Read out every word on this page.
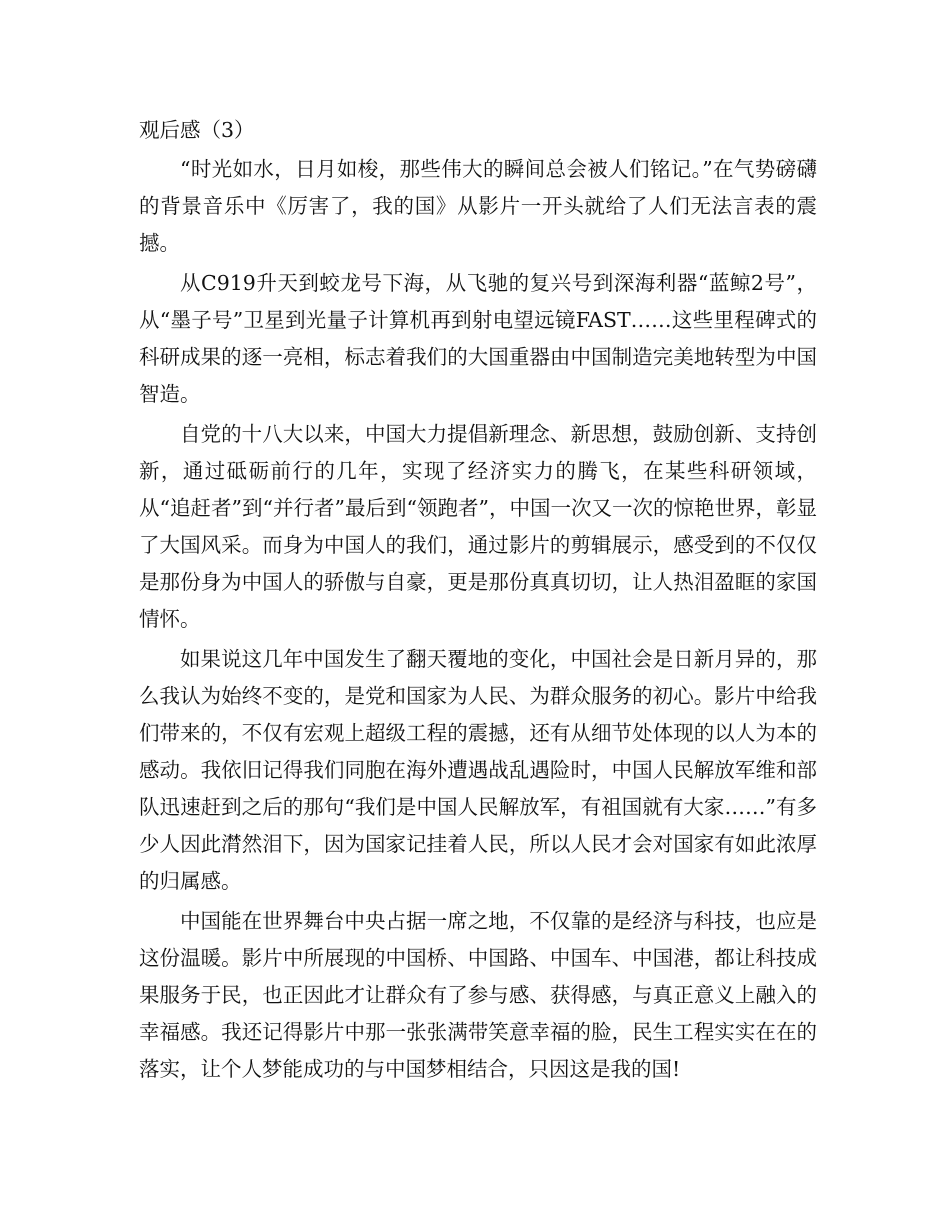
观后感（3）

“时光如水，日月如梭，那些伟大的瞬间总会被人们铭记。”在气势磅礴的背景音乐中《厉害了，我的国》从影片一开头就给了人们无法言表的震撼。

从C919升天到蛟龙号下海，从飞驰的复兴号到深海利器“蓝鲸2号”，从“墨子号”卫星到光量子计算机再到射电望远镜FAST……这些里程碑式的科研成果的逐一亮相，标志着我们的大国重器由中国制造完美地转型为中国智造。

自党的十八大以来，中国大力提倡新理念、新思想，鼓励创新、支持创新，通过砥砺前行的几年，实现了经济实力的腾飞，在某些科研领域，从“追赶者”到“并行者”最后到“领跑者”，中国一次又一次的惊艳世界，彰显了大国风采。而身为中国人的我们，通过影片的剪辑展示，感受到的不仅仅是那份身为中国人的骄傲与自豪，更是那份真真切切，让人热泪盈眶的家国情怀。

如果说这几年中国发生了翻天覆地的变化，中国社会是日新月异的，那么我认为始终不变的，是党和国家为人民、为群众服务的初心。影片中给我们带来的，不仅有宏观上超级工程的震撼，还有从细节处体现的以人为本的感动。我依旧记得我们同胞在海外遭遇战乱遇险时，中国人民解放军维和部队迅速赶到之后的那句“我们是中国人民解放军，有祖国就有大家……”有多少人因此潸然泪下，因为国家记挂着人民，所以人民才会对国家有如此浓厚的归属感。

中国能在世界舞台中央占据一席之地，不仅靠的是经济与科技，也应是这份温暖。影片中所展现的中国桥、中国路、中国车、中国港，都让科技成果服务于民，也正因此才让群众有了参与感、获得感，与真正意义上融入的幸福感。我还记得影片中那一张张满带笑意幸福的脸，民生工程实实在在的落实，让个人梦能成功的与中国梦相结合，只因这是我的国!
